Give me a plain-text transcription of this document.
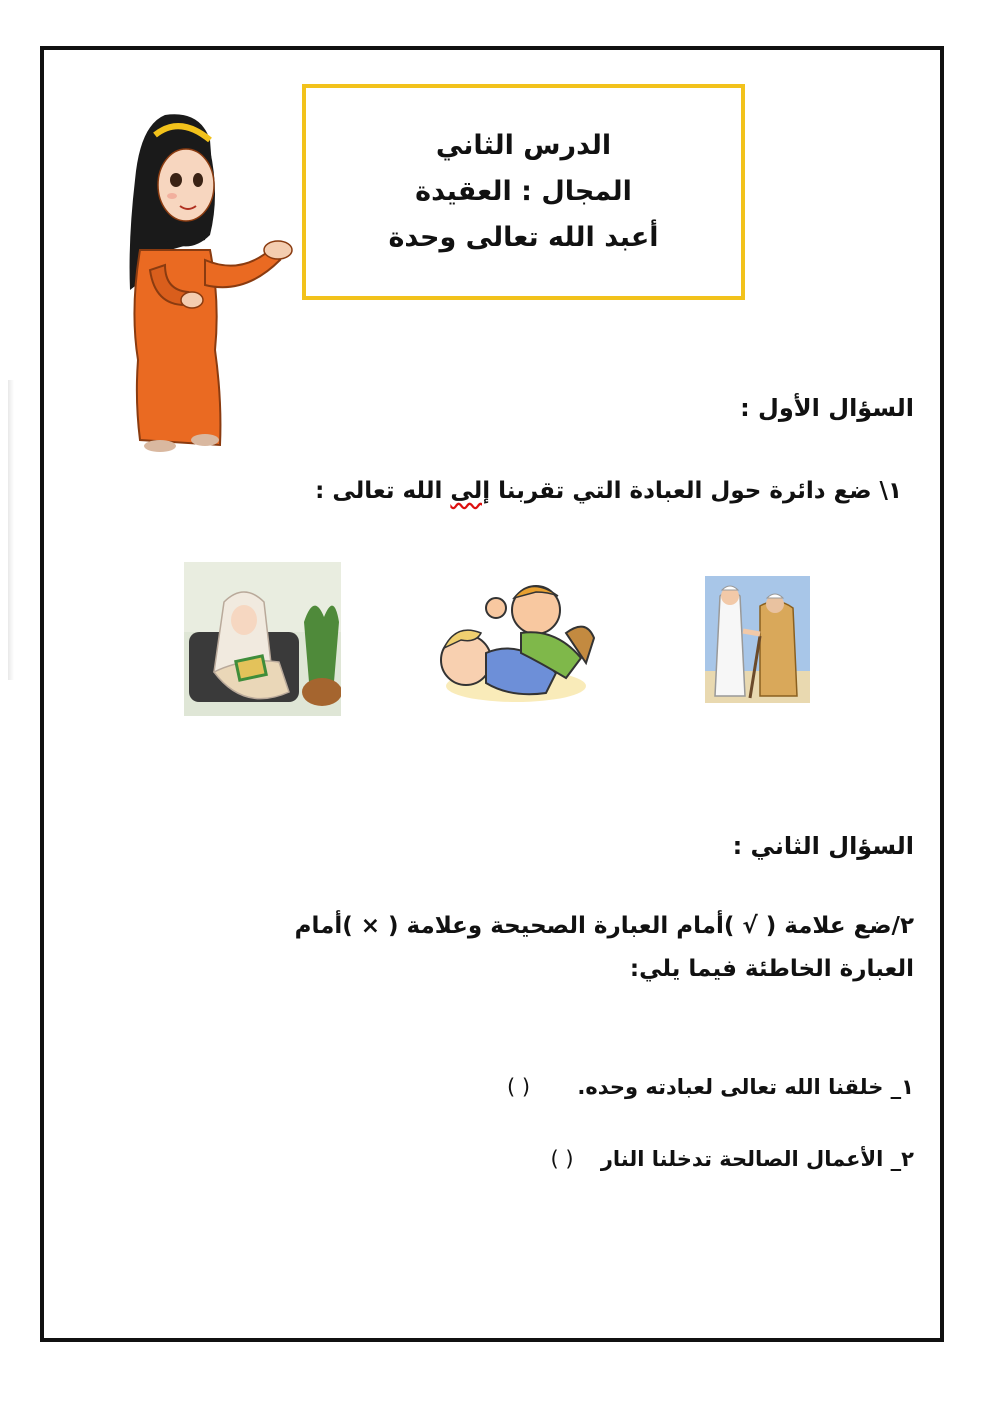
الدرس الثاني
المجال : العقيدة
أعبد الله تعالى وحدة
السؤال الأول :
١\ ضع دائرة حول العبادة التي تقربنا إلى الله تعالى :
السؤال الثاني :
٢/ضع علامة ( √ )أمام العبارة الصحيحة وعلامة ( × )أمام
العبارة الخاطئة فيما يلي:
١_ خلقنا الله تعالى لعبادته وحده. ( )
٢_ الأعمال الصالحة تدخلنا النار ( )
